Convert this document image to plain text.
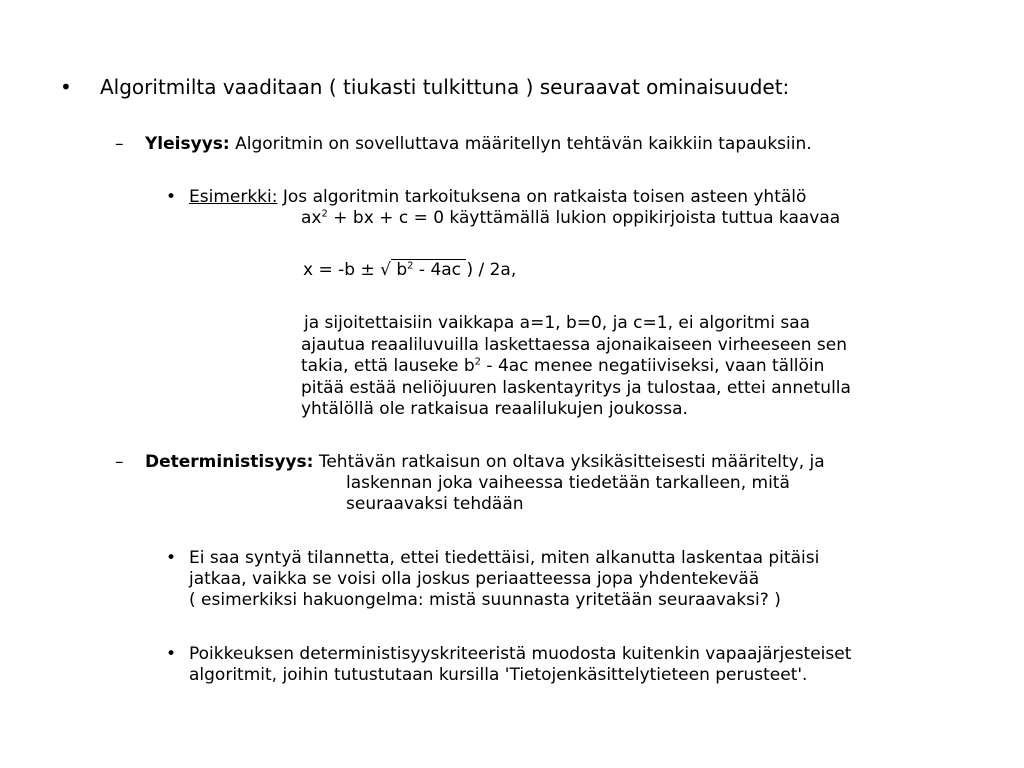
• Algoritmilta vaaditaan ( tiukasti tulkittuna ) seuraavat ominaisuudet:
– Yleisyys: Algoritmin on sovelluttava määritellyn tehtävän kaikkiin tapauksiin.
• Esimerkki: Jos algoritmin tarkoituksena on ratkaista toisen asteen yhtälö
$ax^2$ + bx + c = 0 käyttämällä lukion oppikirjoista tuttua kaavaa
x = -b ± √ $b^2 - 4ac$ ) / 2a,
ja sijoitettaisiin vaikkapa a=1, b=0, ja c=1, ei algoritmi saa
ajautua reaaliluvuilla laskettaessa ajonaikaiseen virheeseen sen
takia, että lauseke $b^2 - 4ac$ menee negatiiviseksi, vaan tällöin
pitää estää neliöjuuren laskentayritys ja tulostaa, ettei annetulla
yhtälöllä ole ratkaisua reaalilukujen joukossa.
– Deterministisyys: Tehtävän ratkaisun on oltava yksikäsitteisesti määritelty, ja
laskennan joka vaiheessa tiedetään tarkalleen, mitä
seuraavaksi tehdään
• Ei saa syntyä tilannetta, ettei tiedettäisi, miten alkanutta laskentaa pitäisi
jatkaa, vaikka se voisi olla joskus periaatteessa jopa yhdentekevää
( esimerkiksi hakuongelma: mistä suunnasta yritetään seuraavaksi? )
• Poikkeuksen deterministisyyskriteeristä muodosta kuitenkin vapaajärjesteiset
algoritmit, joihin tutustutaan kursilla 'Tietojenkäsittelytieteen perusteet'.
